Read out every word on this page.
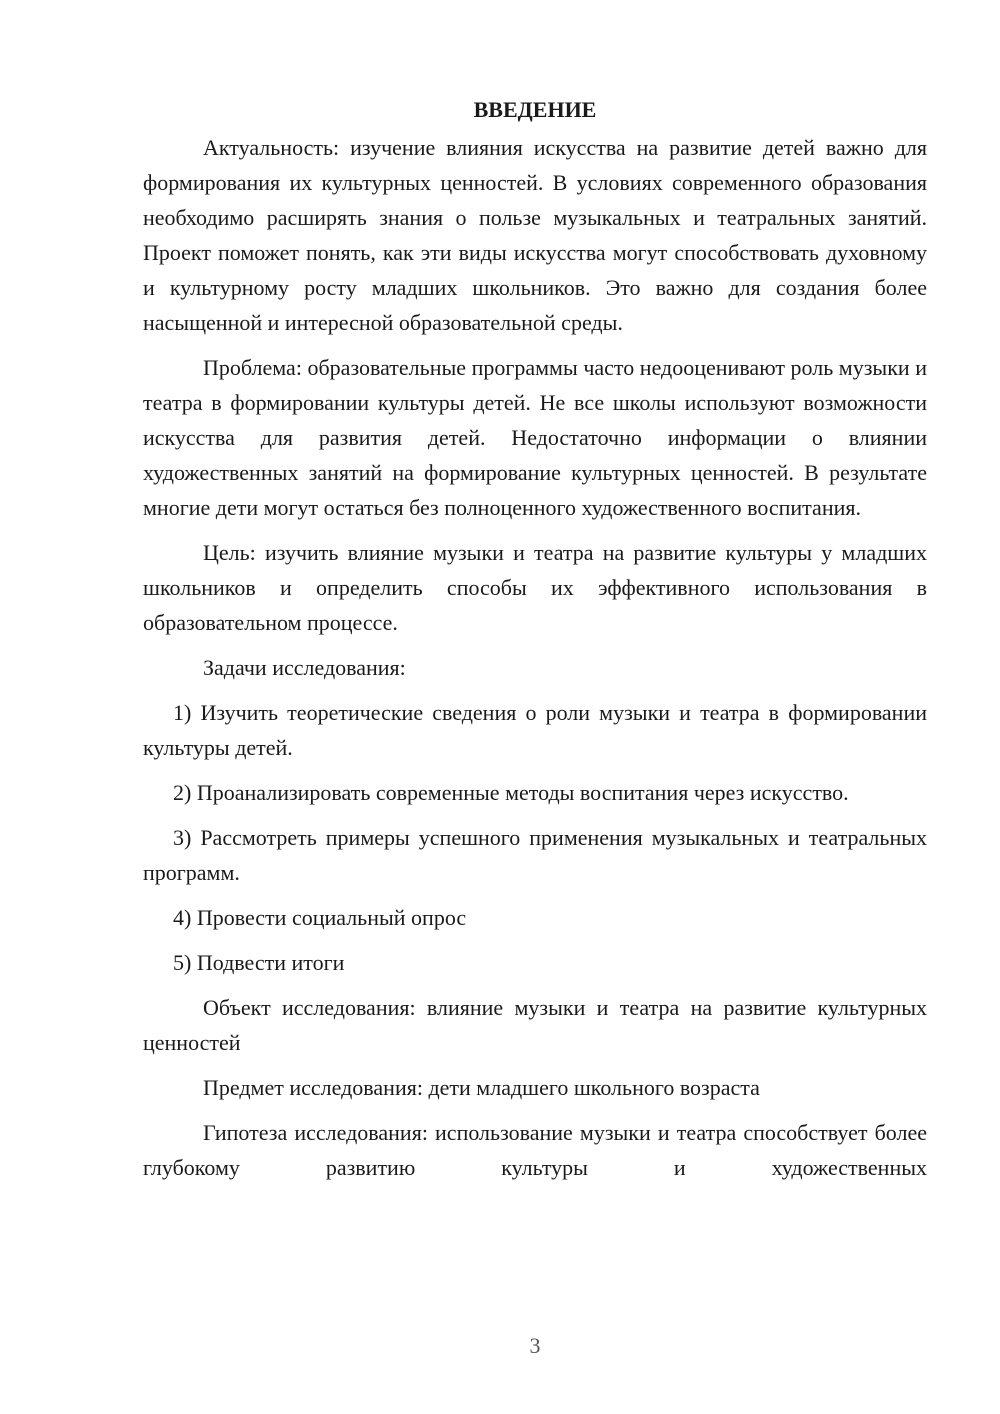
ВВЕДЕНИЕ

Актуальность: изучение влияния искусства на развитие детей важно для формирования их культурных ценностей. В условиях современного образования необходимо расширять знания о пользе музыкальных и театральных занятий. Проект поможет понять, как эти виды искусства могут способствовать духовному и культурному росту младших школьников. Это важно для создания более насыщенной и интересной образовательной среды.

Проблема: образовательные программы часто недооценивают роль музыки и театра в формировании культуры детей. Не все школы используют возможности искусства для развития детей. Недостаточно информации о влиянии художественных занятий на формирование культурных ценностей. В результате многие дети могут остаться без полноценного художественного воспитания.

Цель: изучить влияние музыки и театра на развитие культуры у младших школьников и определить способы их эффективного использования в образовательном процессе.

Задачи исследования:

1) Изучить теоретические сведения о роли музыки и театра в формировании культуры детей.

2) Проанализировать современные методы воспитания через искусство.

3) Рассмотреть примеры успешного применения музыкальных и театральных программ.

4) Провести социальный опрос

5) Подвести итоги

Объект исследования: влияние музыки и театра на развитие культурных ценностей

Предмет исследования: дети младшего школьного возраста

Гипотеза исследования: использование музыки и театра способствует более глубокому развитию культуры и художественных

3
